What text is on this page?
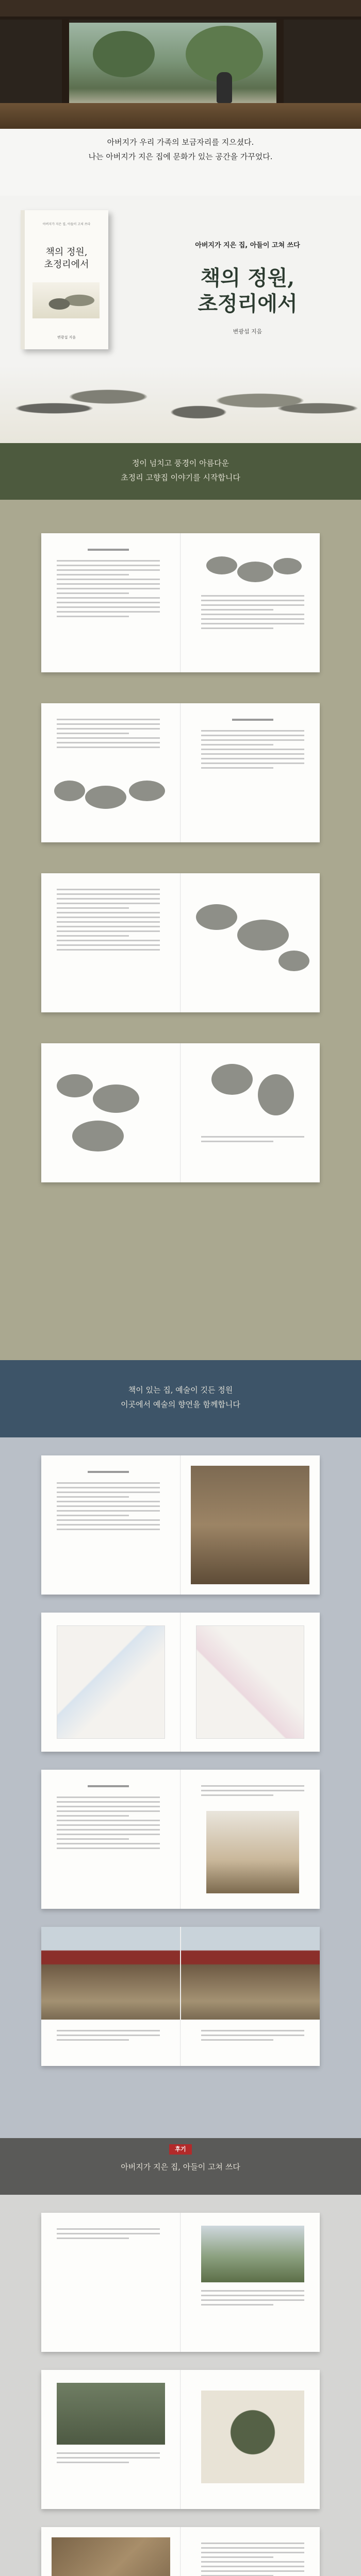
아버지가 우리 가족의 보금자리를 지으셨다.

나는 아버지가 지은 집에 문화가 있는 공간을 가꾸었다.

아버지가 지은 집, 아들이 고쳐 쓰다
책의 정원,
초정리에서
변광섭 지음
아버지가 지은 집, 아들이 고쳐 쓰다
책의 정원,
초정리에서
변광섭 지음
정이 넘치고 풍경이 아름다운
초정리 고향집 이야기를 시작합니다
책이 있는 집, 예술이 깃든 정원
이곳에서 예술의 향연을 함께합니다
후기
아버지가 지은 집, 아들이 고쳐 쓰다
